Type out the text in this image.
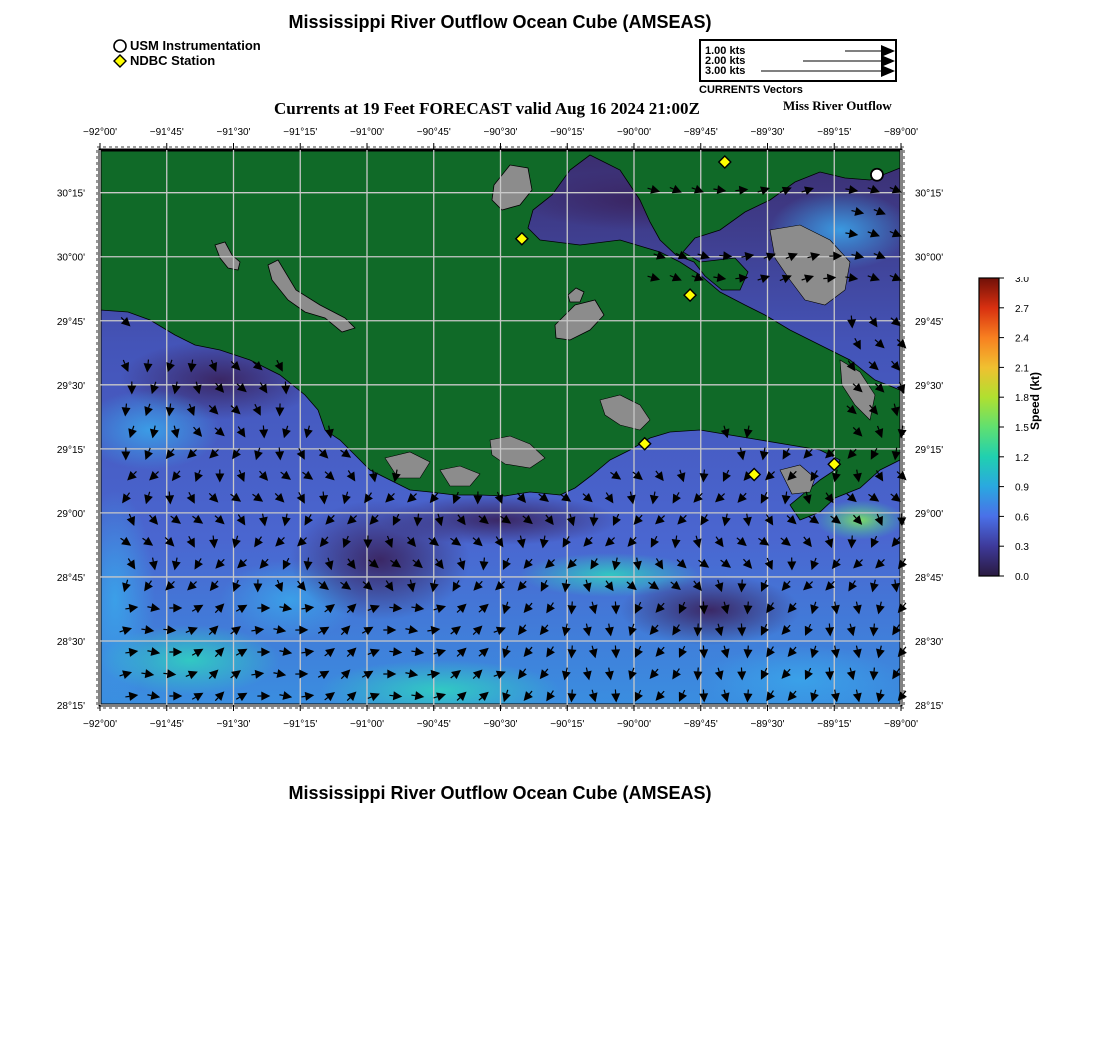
Mississippi River Outflow Ocean Cube (AMSEAS)
USM Instrumentation
NDBC Station
1.00 kts
2.00 kts
3.00 kts
CURRENTS Vectors
Currents at 19 Feet FORECAST valid Aug 16 2024 21:00Z	Miss River Outflow
−92°00'	−91°45'	−91°30'	−91°15'	−91°00'	−90°45'	−90°30'	−90°15'	−90°00'	−89°45'	−89°30'	−89°15'	−89°00'
−92°00'	−91°45'	−91°30'	−91°15'	−91°00'	−90°45'	−90°30'	−90°15'	−90°00'	−89°45'	−89°30'	−89°15'	−89°00'
30°15'
30°00'
29°45'
29°30'
29°15'
29°00'
28°45'
28°30'
28°15'
30°15'
30°00'
29°45'
29°30'
29°15'
29°00'
28°45'
28°30'
28°15'
3.0
2.7
2.4
2.1
1.8
1.5
1.2
0.9
0.6
0.3
0.0
Speed (kt)
Mississippi River Outflow Ocean Cube (AMSEAS)
